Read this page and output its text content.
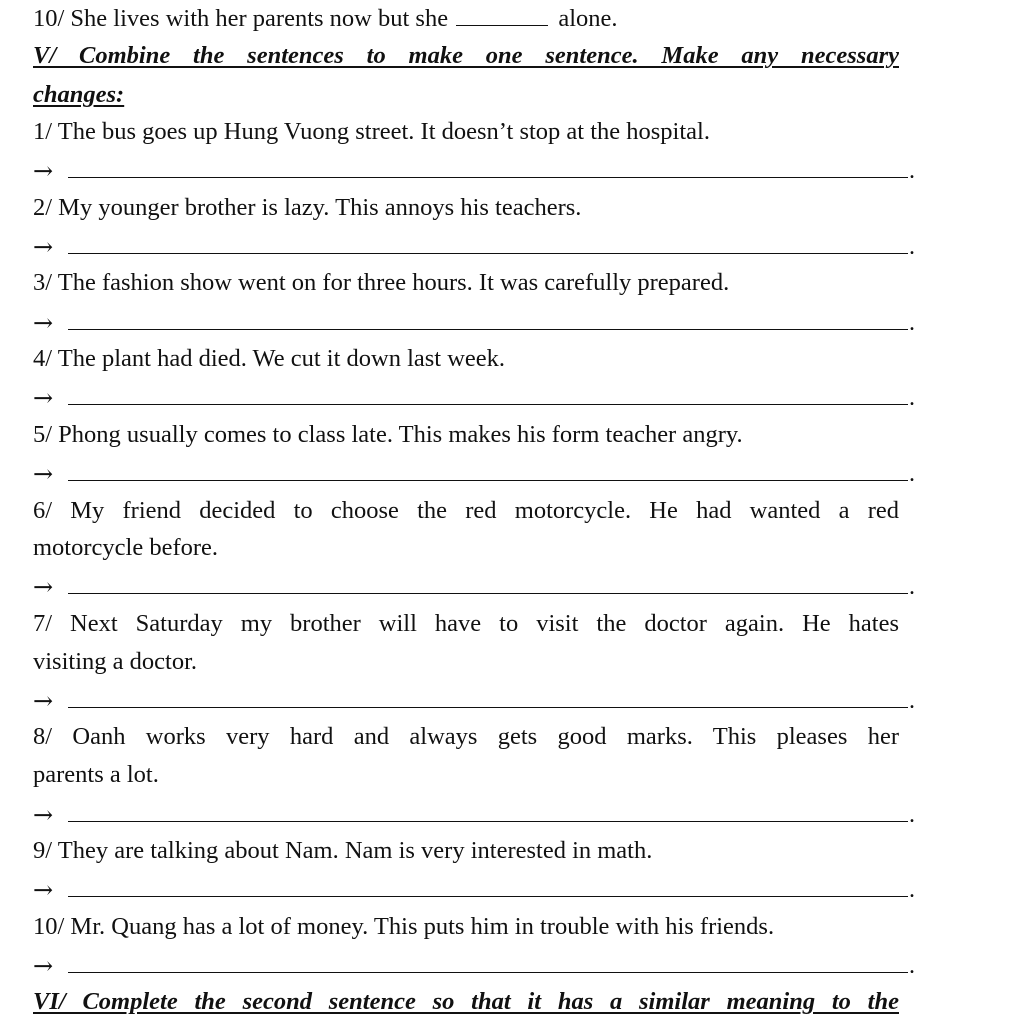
10/ She lives with her parents now but she	alone.
V/ Combine the sentences to make one sentence. Make any necessary
changes:
1/ The bus goes up Hung Vuong street. It doesn’t stop at the hospital.
→	.
2/ My younger brother is lazy. This annoys his teachers.
→	.
3/ The fashion show went on for three hours. It was carefully prepared.
→	.
4/ The plant had died. We cut it down last week.
→	.
5/ Phong usually comes to class late. This makes his form teacher angry.
→	.
6/ My friend decided to choose the red motorcycle. He had wanted a red
motorcycle before.
→	.
7/ Next Saturday my brother will have to visit the doctor again. He hates
visiting a doctor.
→	.
8/ Oanh works very hard and always gets good marks. This pleases her
parents a lot.
→	.
9/ They are talking about Nam. Nam is very interested in math.
→	.
10/ Mr. Quang has a lot of money. This puts him in trouble with his friends.
→	.
VI/ Complete the second sentence so that it has a similar meaning to the
